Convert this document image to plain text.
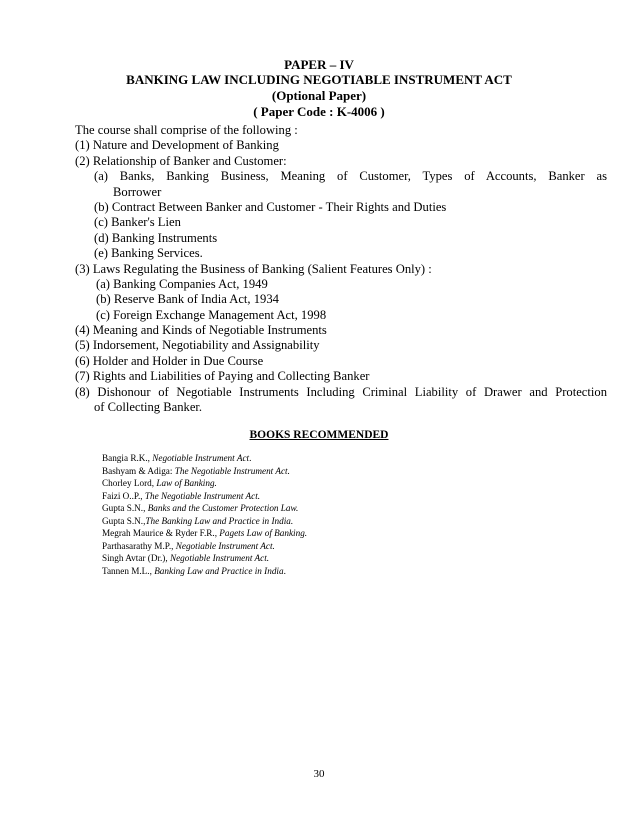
PAPER – IV
BANKING LAW INCLUDING NEGOTIABLE INSTRUMENT ACT
(Optional Paper)
( Paper Code : K-4006 )
The course shall comprise of the following :
(1) Nature and Development of Banking
(2) Relationship of Banker and Customer:
(a) Banks, Banking Business, Meaning of Customer, Types of Accounts, Banker as
Borrower
(b) Contract Between Banker and Customer - Their Rights and Duties
(c) Banker's Lien
(d) Banking Instruments
(e) Banking Services.
(3) Laws Regulating the Business of Banking (Salient Features Only) :
(a) Banking Companies Act, 1949
(b) Reserve Bank of India Act, 1934
(c) Foreign Exchange Management Act, 1998
(4) Meaning and Kinds of Negotiable Instruments
(5) Indorsement, Negotiability and Assignability
(6) Holder and Holder in Due Course
(7) Rights and Liabilities of Paying and Collecting Banker
(8) Dishonour of Negotiable Instruments Including Criminal Liability of Drawer and Protection
of Collecting Banker.
BOOKS RECOMMENDED
Bangia R.K., Negotiable Instrument Act.
Bashyam & Adiga: The Negotiable Instrument Act.
Chorley Lord, Law of Banking.
Faizi O..P., The Negotiable Instrument Act.
Gupta S.N., Banks and the Customer Protection Law.
Gupta S.N.,The Banking Law and Practice in India.
Megrah Maurice & Ryder F.R., Pagets Law of Banking.
Parthasarathy M.P., Negotiable Instrument Act.
Singh Avtar (Dr.), Negotiable Instrument Act.
Tannen M.L., Banking Law and Practice in India.
30
